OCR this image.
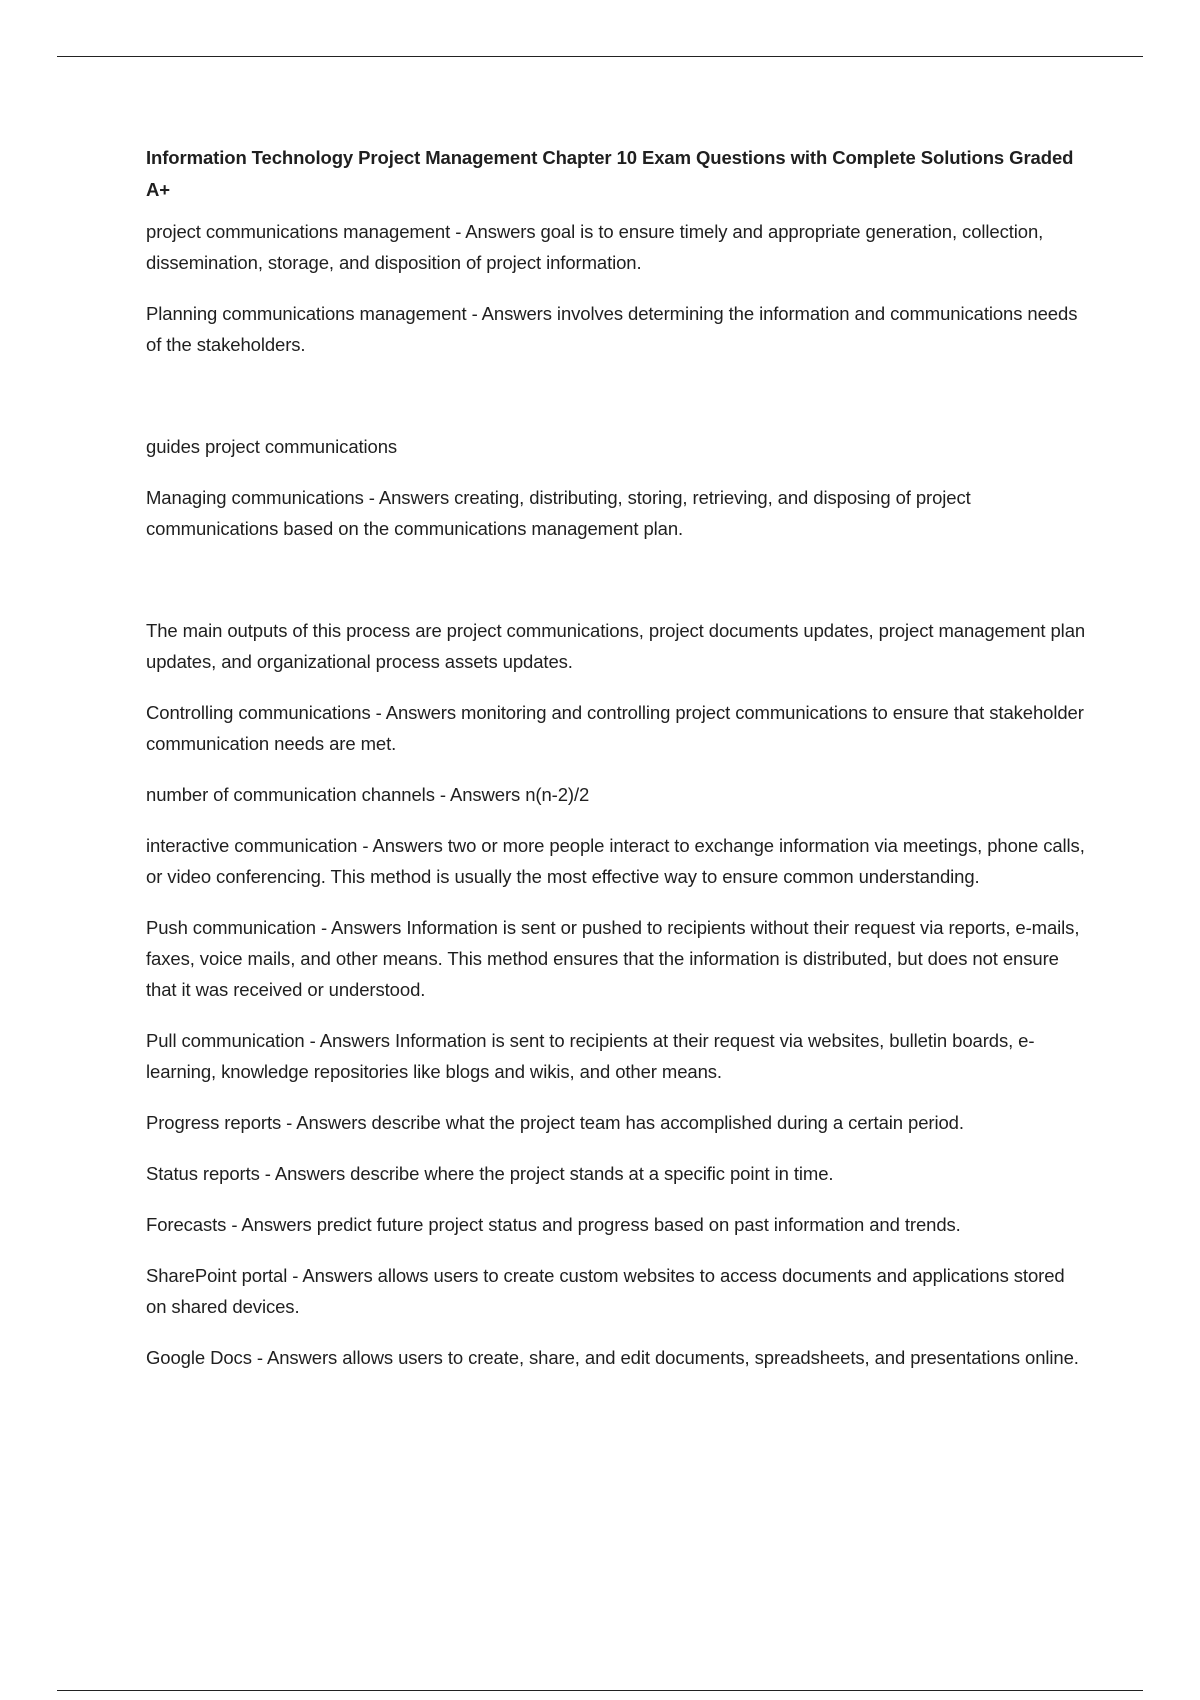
Information Technology Project Management Chapter 10 Exam Questions with Complete Solutions Graded A+

project communications management - Answers goal is to ensure timely and appropriate generation, collection, dissemination, storage, and disposition of project information.

Planning communications management - Answers involves determining the information and communications needs of the stakeholders.

guides project communications

Managing communications - Answers creating, distributing, storing, retrieving, and disposing of project communications based on the communications management plan.

The main outputs of this process are project communications, project documents updates, project management plan updates, and organizational process assets updates.

Controlling communications - Answers monitoring and controlling project communications to ensure that stakeholder communication needs are met.

number of communication channels - Answers n(n-2)/2

interactive communication - Answers two or more people interact to exchange information via meetings, phone calls, or video conferencing. This method is usually the most effective way to ensure common understanding.

Push communication - Answers Information is sent or pushed to recipients without their request via reports, e-mails, faxes, voice mails, and other means. This method ensures that the information is distributed, but does not ensure that it was received or understood.

Pull communication - Answers Information is sent to recipients at their request via websites, bulletin boards, e-learning, knowledge repositories like blogs and wikis, and other means.

Progress reports - Answers describe what the project team has accomplished during a certain period.

Status reports - Answers describe where the project stands at a specific point in time.

Forecasts - Answers predict future project status and progress based on past information and trends.

SharePoint portal - Answers allows users to create custom websites to access documents and applications stored on shared devices.

Google Docs - Answers allows users to create, share, and edit documents, spreadsheets, and presentations online.
